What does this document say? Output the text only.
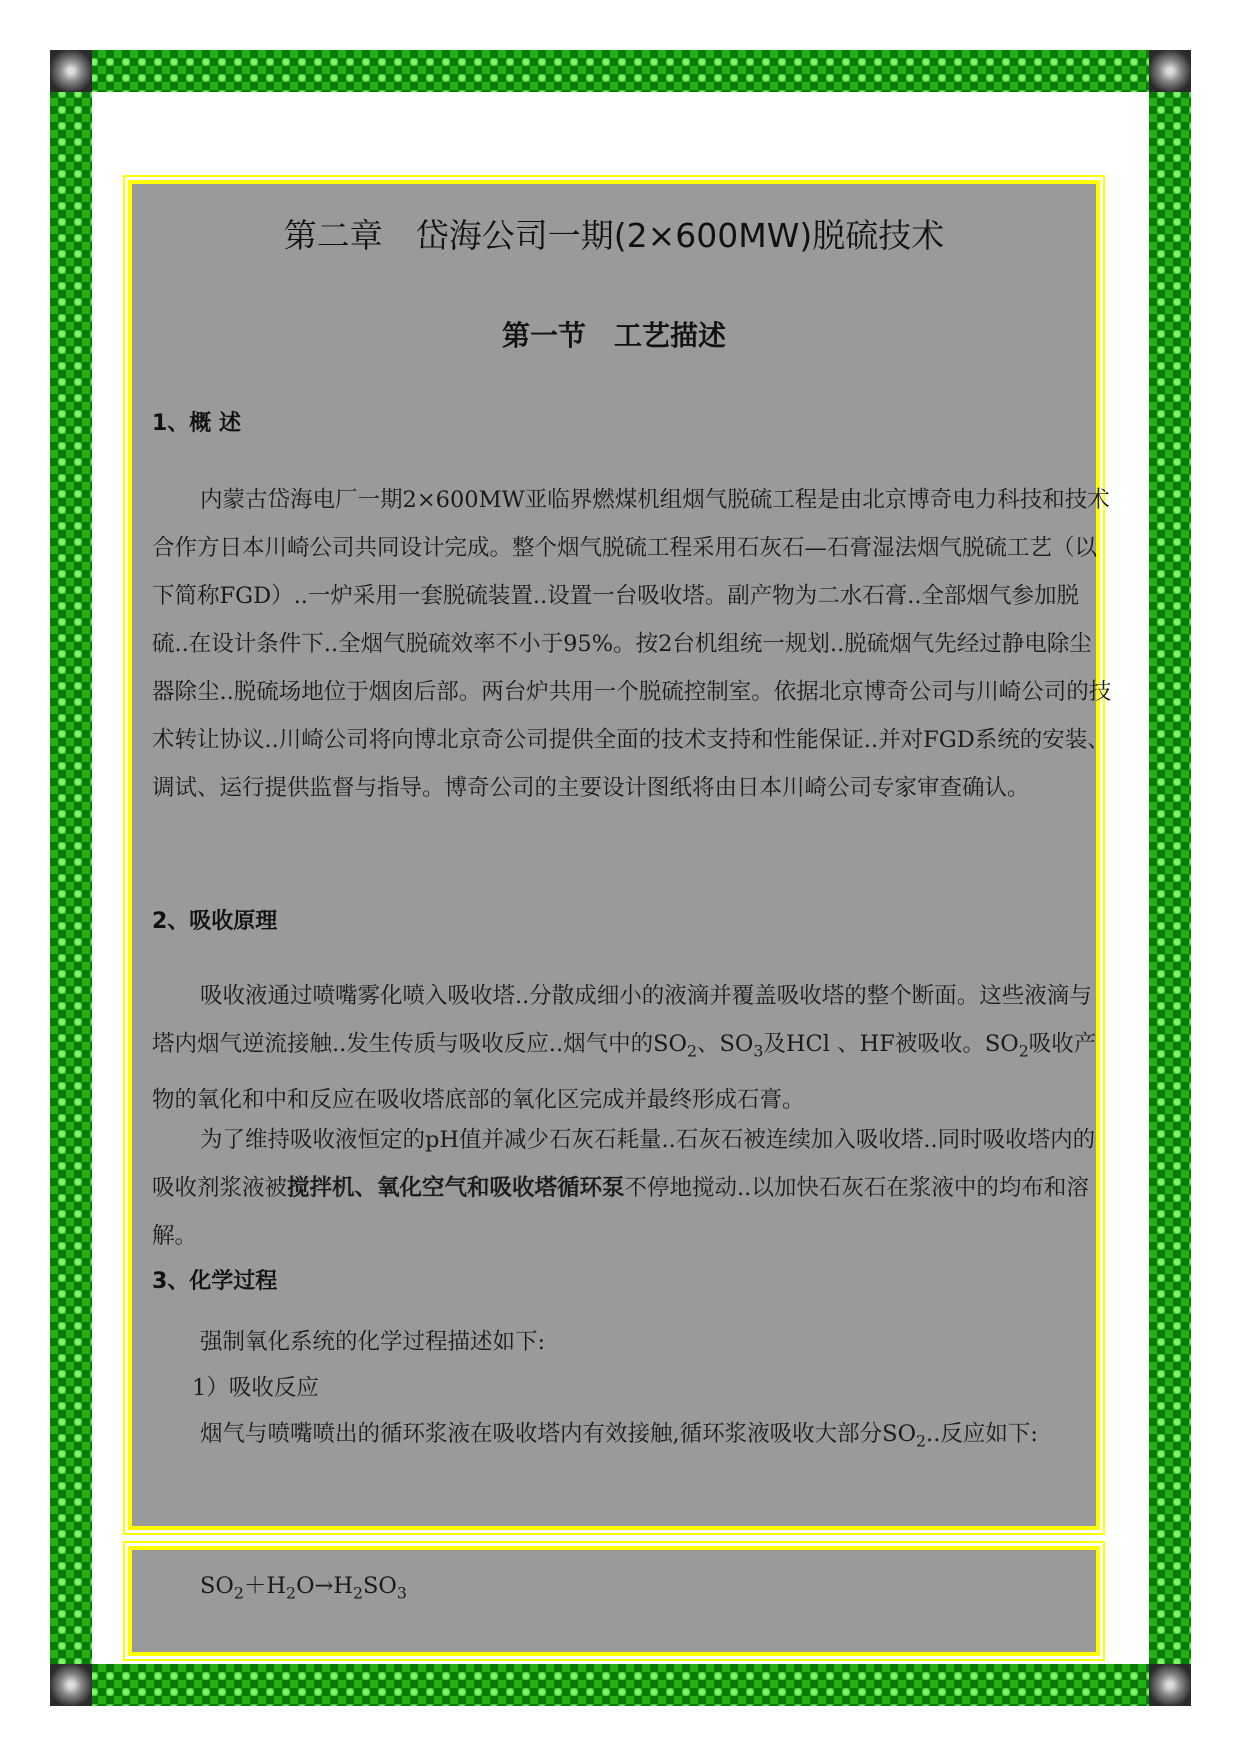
第二章　岱海公司一期(2×600MW)脱硫技术
第一节　工艺描述
1、概 述

内蒙古岱海电厂一期2×600MW亚临界燃煤机组烟气脱硫工程是由北京博奇电力科技和技术合作方日本川崎公司共同设计完成。整个烟气脱硫工程采用石灰石—石膏湿法烟气脱硫工艺（以下简称FGD）..一炉采用一套脱硫装置..设置一台吸收塔。副产物为二水石膏..全部烟气参加脱硫..在设计条件下..全烟气脱硫效率不小于95%。按2台机组统一规划..脱硫烟气先经过静电除尘器除尘..脱硫场地位于烟囱后部。两台炉共用一个脱硫控制室。依据北京博奇公司与川崎公司的技术转让协议..川崎公司将向博北京奇公司提供全面的技术支持和性能保证..并对FGD系统的安装、调试、运行提供监督与指导。博奇公司的主要设计图纸将由日本川崎公司专家审查确认。

2、吸收原理

吸收液通过喷嘴雾化喷入吸收塔..分散成细小的液滴并覆盖吸收塔的整个断面。这些液滴与塔内烟气逆流接触..发生传质与吸收反应..烟气中的$SO_2$、$SO_3$及HCl 、HF被吸收。$SO_2$吸收产物的氧化和中和反应在吸收塔底部的氧化区完成并最终形成石膏。

为了维持吸收液恒定的pH值并减少石灰石耗量..石灰石被连续加入吸收塔..同时吸收塔内的吸收剂浆液被搅拌机、氧化空气和吸收塔循环泵不停地搅动..以加快石灰石在浆液中的均布和溶解。

3、化学过程
强制氧化系统的化学过程描述如下:
1）吸收反应
烟气与喷嘴喷出的循环浆液在吸收塔内有效接触,循环浆液吸收大部分$SO_2$..反应如下:
$SO_2+H_2O\to H_2SO_3$
